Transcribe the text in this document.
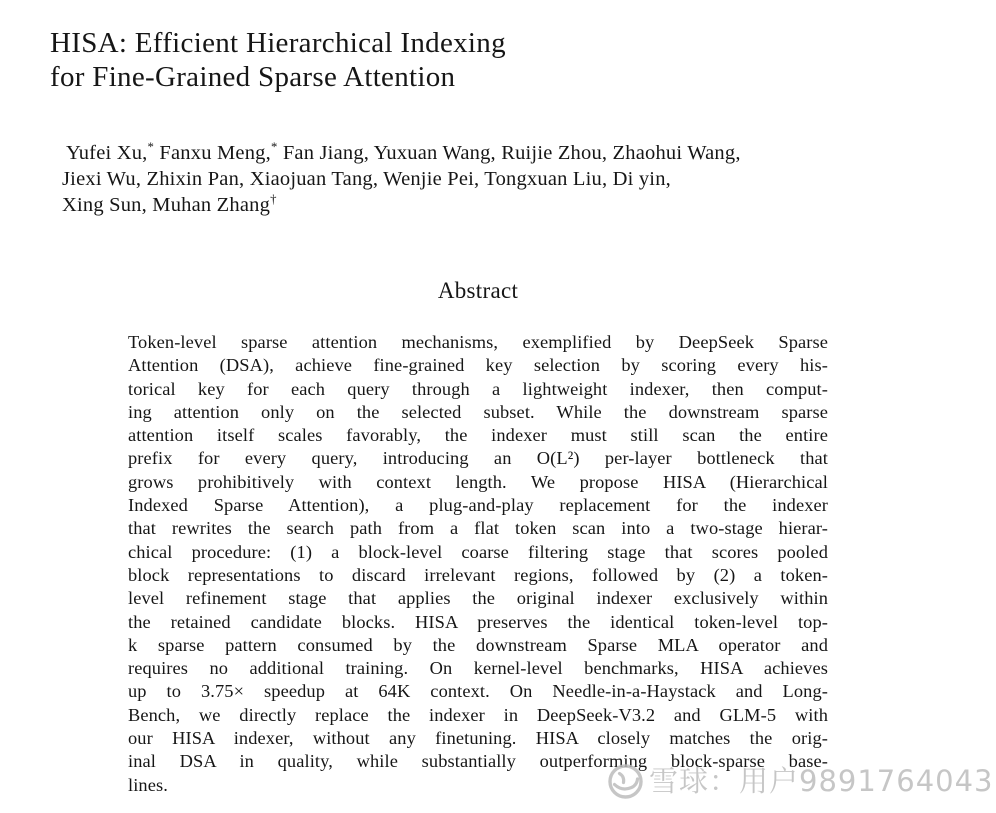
HISA: Efficient Hierarchical Indexing
for Fine-Grained Sparse Attention
Yufei Xu,* Fanxu Meng,* Fan Jiang, Yuxuan Wang, Ruijie Zhou, Zhaohui Wang,
Jiexi Wu, Zhixin Pan, Xiaojuan Tang, Wenjie Pei, Tongxuan Liu, Di yin,
Xing Sun, Muhan Zhang†
Abstract
Token-level sparse attention mechanisms, exemplified by DeepSeek Sparse
Attention (DSA), achieve fine-grained key selection by scoring every his-
torical key for each query through a lightweight indexer, then comput-
ing attention only on the selected subset. While the downstream sparse
attention itself scales favorably, the indexer must still scan the entire
prefix for every query, introducing an O(L²) per-layer bottleneck that
grows prohibitively with context length. We propose HISA (Hierarchical
Indexed Sparse Attention), a plug-and-play replacement for the indexer
that rewrites the search path from a flat token scan into a two-stage hierar-
chical procedure: (1) a block-level coarse filtering stage that scores pooled
block representations to discard irrelevant regions, followed by (2) a token-
level refinement stage that applies the original indexer exclusively within
the retained candidate blocks. HISA preserves the identical token-level top-
k sparse pattern consumed by the downstream Sparse MLA operator and
requires no additional training. On kernel-level benchmarks, HISA achieves
up to 3.75× speedup at 64K context. On Needle-in-a-Haystack and Long-
Bench, we directly replace the indexer in DeepSeek-V3.2 and GLM-5 with
our HISA indexer, without any finetuning. HISA closely matches the orig-
inal DSA in quality, while substantially outperforming block-sparse base-
lines.	雪球：用户9891764043
